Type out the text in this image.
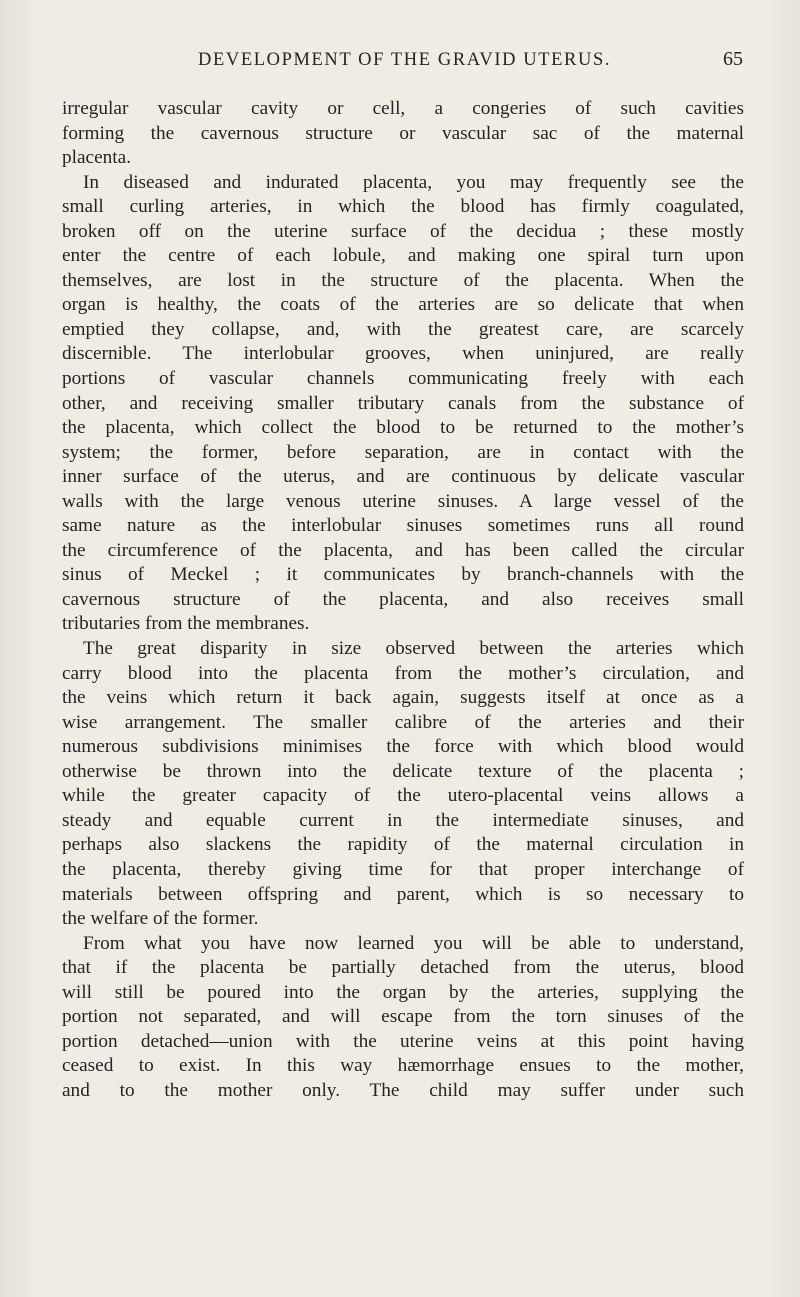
DEVELOPMENT OF THE GRAVID UTERUS.	65
irregular vascular cavity or cell, a congeries of such cavities
forming the cavernous structure or vascular sac of the maternal
placenta.
In diseased and indurated placenta, you may frequently see the
small curling arteries, in which the blood has firmly coagulated,
broken off on the uterine surface of the decidua ; these mostly
enter the centre of each lobule, and making one spiral turn upon
themselves, are lost in the structure of the placenta. When the
organ is healthy, the coats of the arteries are so delicate that when
emptied they collapse, and, with the greatest care, are scarcely
discernible. The interlobular grooves, when uninjured, are really
portions of vascular channels communicating freely with each
other, and receiving smaller tributary canals from the substance of
the placenta, which collect the blood to be returned to the mother’s
system; the former, before separation, are in contact with the
inner surface of the uterus, and are continuous by delicate vascular
walls with the large venous uterine sinuses. A large vessel of the
same nature as the interlobular sinuses sometimes runs all round
the circumference of the placenta, and has been called the circular
sinus of Meckel ; it communicates by branch-channels with the
cavernous structure of the placenta, and also receives small
tributaries from the membranes.
The great disparity in size observed between the arteries which
carry blood into the placenta from the mother’s circulation, and
the veins which return it back again, suggests itself at once as a
wise arrangement. The smaller calibre of the arteries and their
numerous subdivisions minimises the force with which blood would
otherwise be thrown into the delicate texture of the placenta ;
while the greater capacity of the utero-placental veins allows a
steady and equable current in the intermediate sinuses, and
perhaps also slackens the rapidity of the maternal circulation in
the placenta, thereby giving time for that proper interchange of
materials between offspring and parent, which is so necessary to
the welfare of the former.
From what you have now learned you will be able to understand,
that if the placenta be partially detached from the uterus, blood
will still be poured into the organ by the arteries, supplying the
portion not separated, and will escape from the torn sinuses of the
portion detached—union with the uterine veins at this point having
ceased to exist. In this way hæmorrhage ensues to the mother,
and to the mother only. The child may suffer under such
